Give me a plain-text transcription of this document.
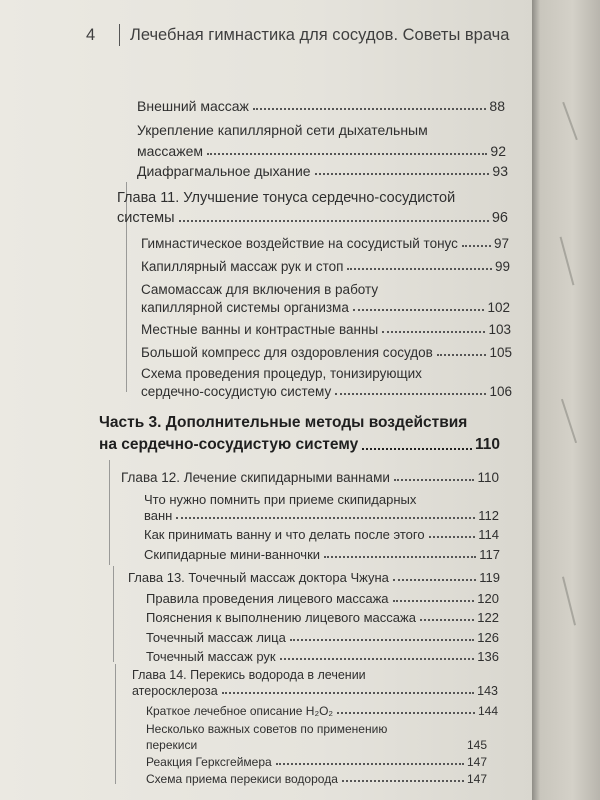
4 Лечебная гимнастика для сосудов. Советы врача
Внешний массаж	88
Укрепление капиллярной сети дыхательным
массажем	92
Диафрагмальное дыхание	93
Глава 11. Улучшение тонуса сердечно-сосудистой
системы	96
Гимнастическое воздействие на сосудистый тонус	97
Капиллярный массаж рук и стоп	99
Самомассаж для включения в работу
капиллярной системы организма	102
Местные ванны и контрастные ванны	103
Большой компресс для оздоровления сосудов	105
Схема проведения процедур, тонизирующих
сердечно-сосудистую систему	106
Часть 3. Дополнительные методы воздействия
на сердечно-сосудистую систему	110
Глава 12. Лечение скипидарными ваннами	110
Что нужно помнить при приеме скипидарных
ванн	112
Как принимать ванну и что делать после этого	114
Скипидарные мини-ванночки	117
Глава 13. Точечный массаж доктора Чжуна	119
Правила проведения лицевого массажа	120
Пояснения к выполнению лицевого массажа	122
Точечный массаж лица	126
Точечный массаж рук	136
Глава 14. Перекись водорода в лечении
атеросклероза	143
Краткое лечебное описание H₂O₂	144
Несколько важных советов по применению
перекиси	145
Реакция Герксгеймера	147
Схема приема перекиси водорода	147
